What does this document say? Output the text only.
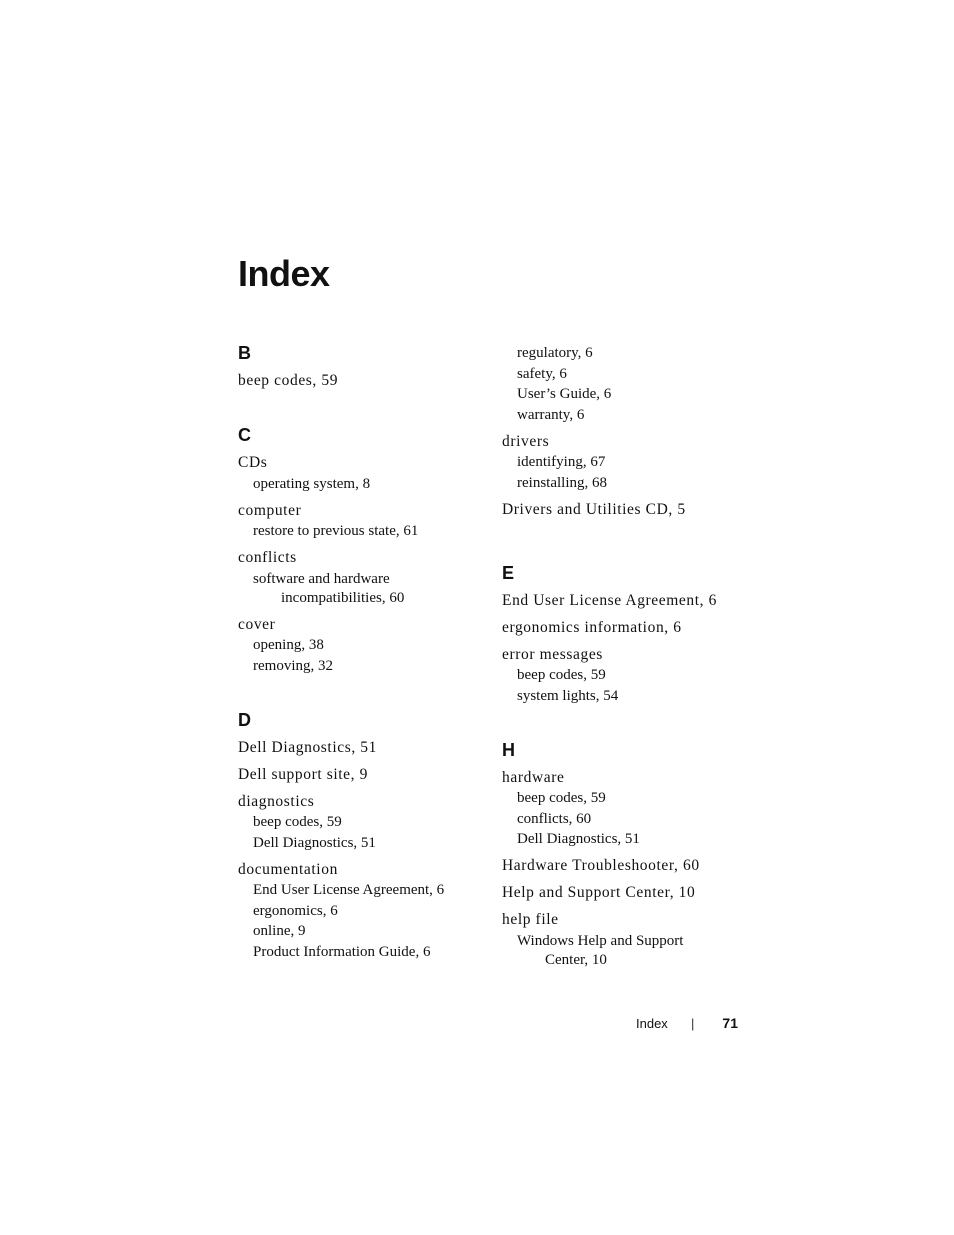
Index
B
beep codes, 59
C
CDs
operating system, 8
computer
restore to previous state, 61
conflicts
software and hardware
incompatibilities, 60
cover
opening, 38
removing, 32
D
Dell Diagnostics, 51
Dell support site, 9
diagnostics
beep codes, 59
Dell Diagnostics, 51
documentation
End User License Agreement, 6
ergonomics, 6
online, 9
Product Information Guide, 6
regulatory, 6
safety, 6
User’s Guide, 6
warranty, 6
drivers
identifying, 67
reinstalling, 68
Drivers and Utilities CD, 5
E
End User License Agreement, 6
ergonomics information, 6
error messages
beep codes, 59
system lights, 54
H
hardware
beep codes, 59
conflicts, 60
Dell Diagnostics, 51
Hardware Troubleshooter, 60
Help and Support Center, 10
help file
Windows Help and Support
Center, 10
Index | 71
